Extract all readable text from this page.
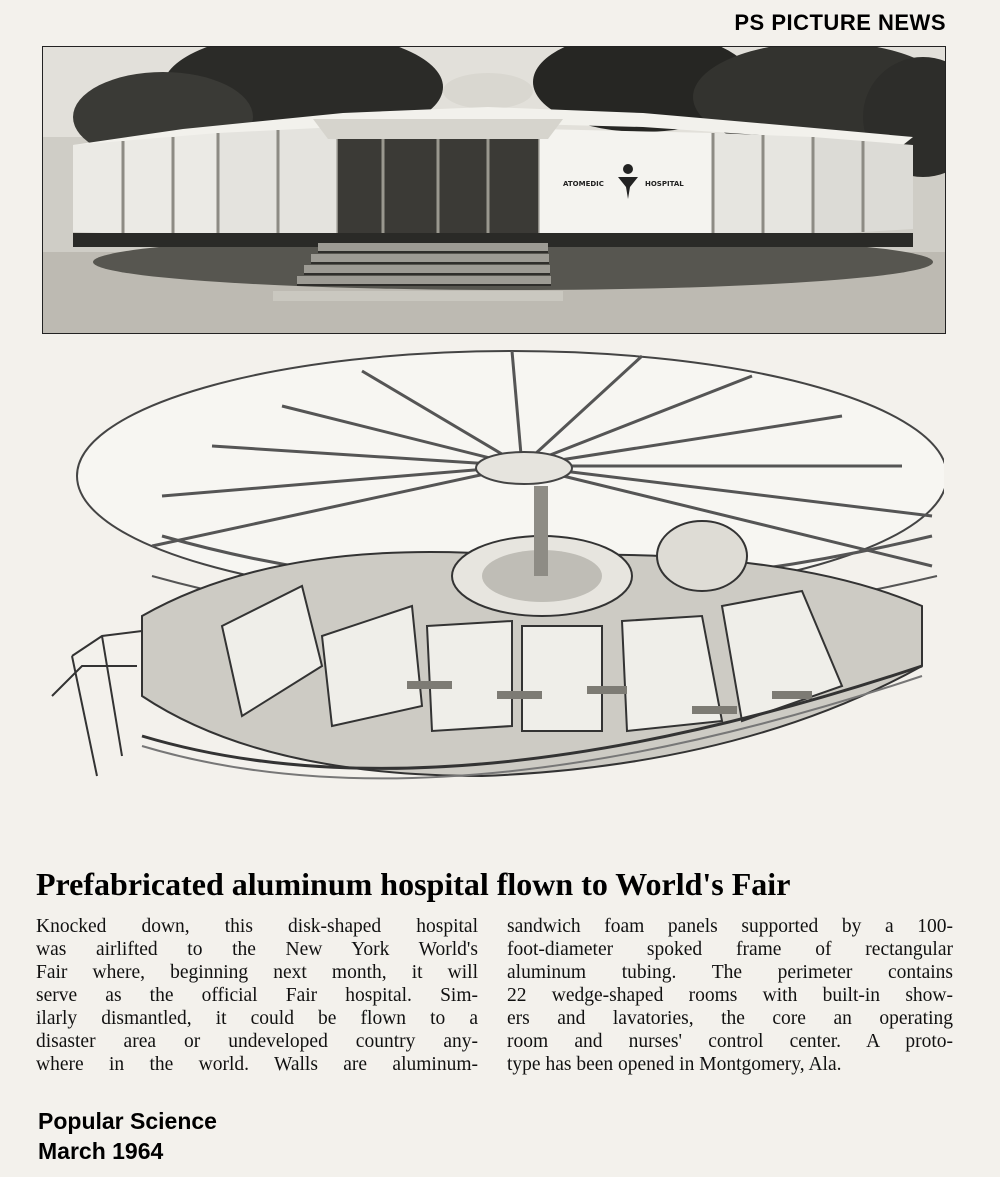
PS PICTURE NEWS
ATOMEDIC	HOSPITAL
Prefabricated aluminum hospital flown to World's Fair
Knocked down, this disk-shaped hospital
was airlifted to the New York World's
Fair where, beginning next month, it will
serve as the official Fair hospital. Sim-
ilarly dismantled, it could be flown to a
disaster area or undeveloped country any-
where in the world. Walls are aluminum-
sandwich foam panels supported by a 100-
foot-diameter spoked frame of rectangular
aluminum tubing. The perimeter contains
22 wedge-shaped rooms with built-in show-
ers and lavatories, the core an operating
room and nurses' control center. A proto-
type has been opened in Montgomery, Ala.
Popular Science
March 1964
